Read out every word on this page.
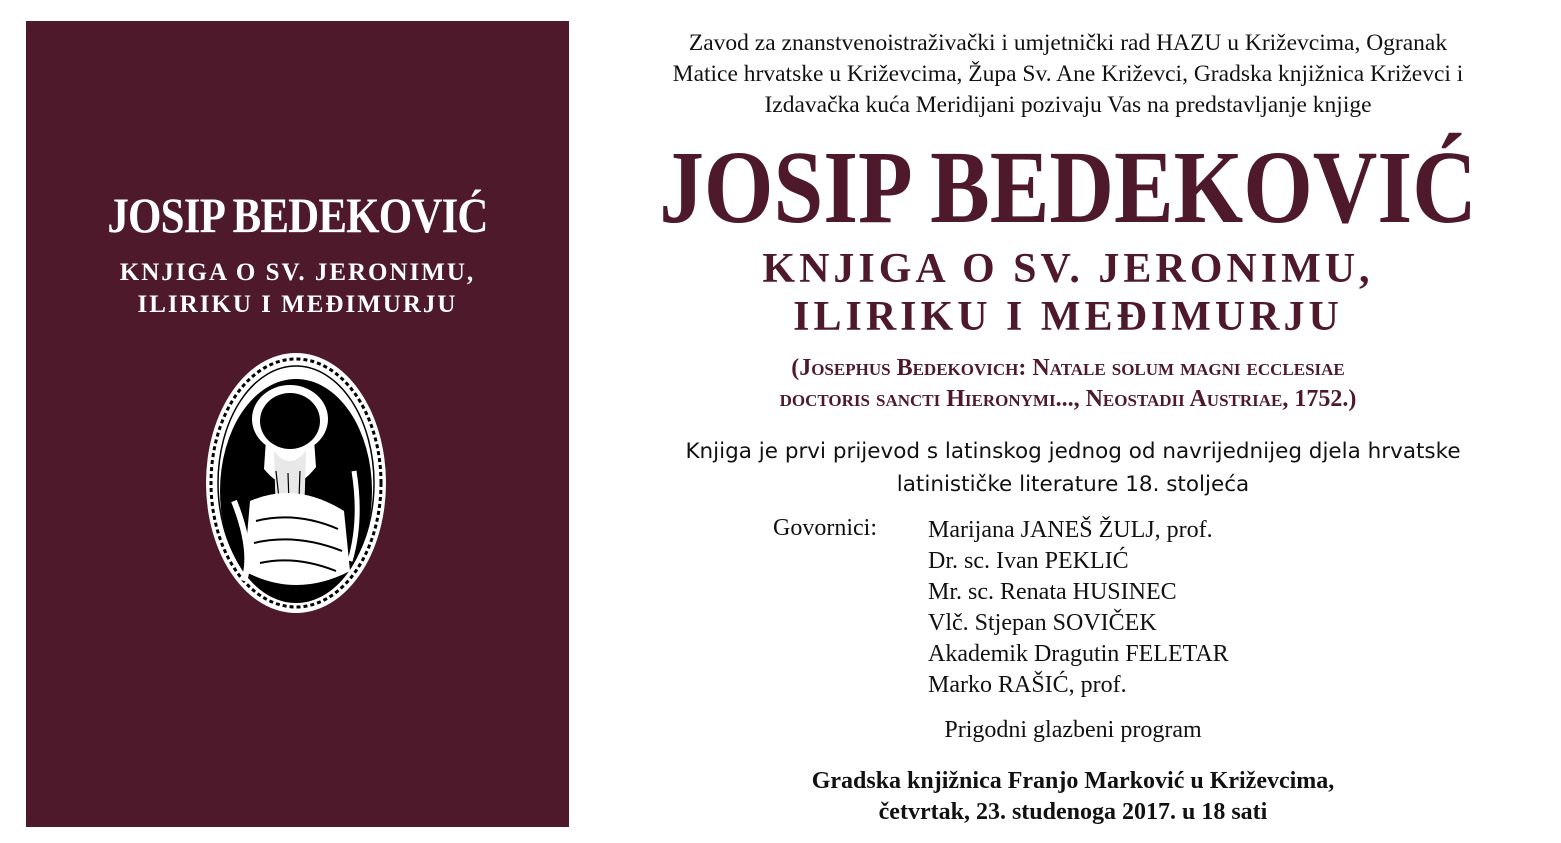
JOSIP BEDEKOVIĆ
KNJIGA O SV. JERONIMU,
ILIRIKU I MEĐIMURJU
Zavod za znanstvenoistraživački i umjetnički rad HAZU u Križevcima, Ogranak
Matice hrvatske u Križevcima, Župa Sv. Ane Križevci, Gradska knjižnica Križevci i
Izdavačka kuća Meridijani pozivaju Vas na predstavljanje knjige
JOSIP BEDEKOVIĆ
KNJIGA O SV. JERONIMU,
ILIRIKU I MEĐIMURJU
(Josephus Bedekovich: Natale solum magni ecclesiae
doctoris sancti Hieronymi..., Neostadii Austriae, 1752.)
Knjiga je prvi prijevod s latinskog jednog od navrijednijeg djela hrvatske
latinističke literature 18. stoljeća
Govornici: Marijana JANEŠ ŽULJ, prof.
Dr. sc. Ivan PEKLIĆ
Mr. sc. Renata HUSINEC
Vlč. Stjepan SOVIČEK
Akademik Dragutin FELETAR
Marko RAŠIĆ, prof.
Prigodni glazbeni program
Gradska knjižnica Franjo Marković u Križevcima,
četvrtak, 23. studenoga 2017. u 18 sati
